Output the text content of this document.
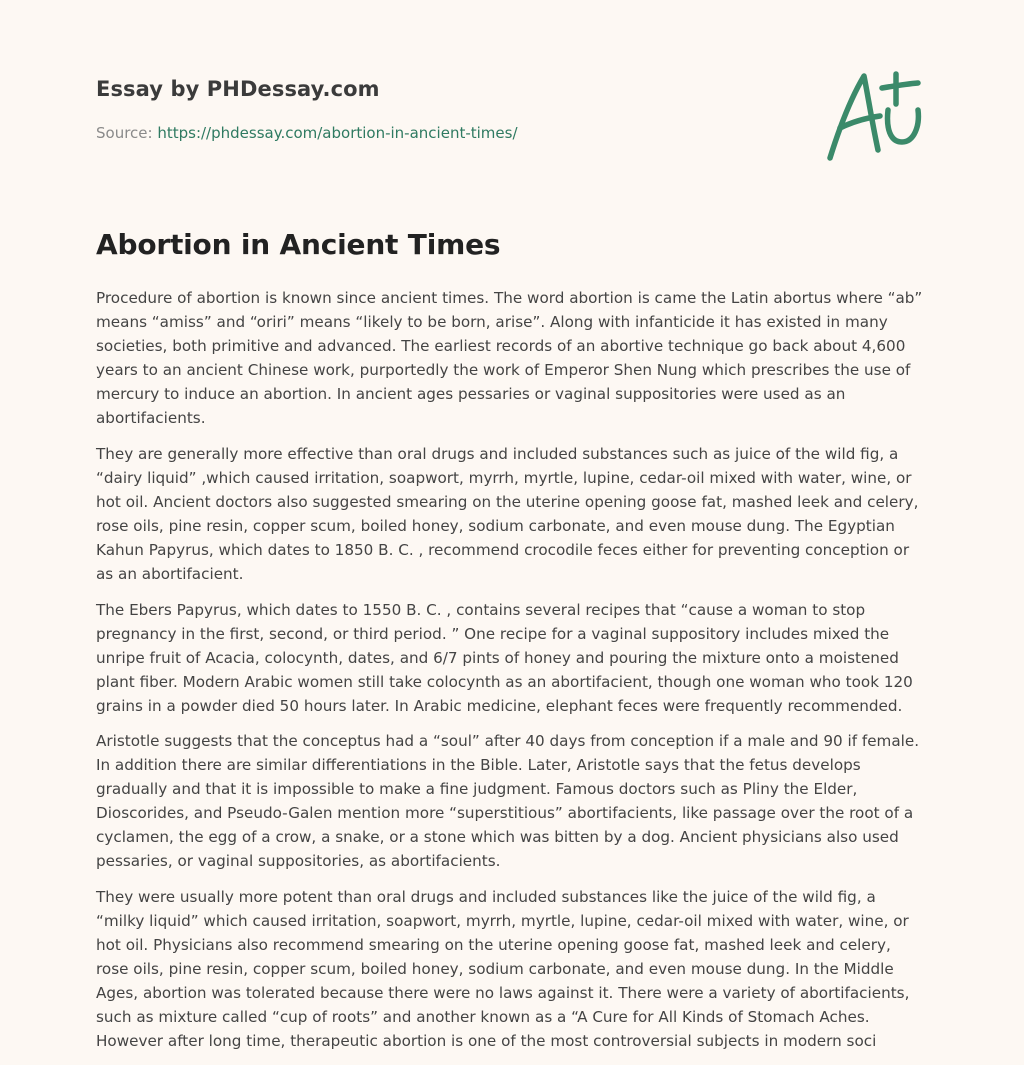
Essay by PHDessay.com

Source: https://phdessay.com/abortion-in-ancient-times/

Abortion in Ancient Times

Procedure of abortion is known since ancient times. The word abortion is came the Latin abortus where “ab” means “amiss” and “oriri” means “likely to be born, arise”. Along with infanticide it has existed in many societies, both primitive and advanced. The earliest records of an abortive technique go back about 4,600 years to an ancient Chinese work, purportedly the work of Emperor Shen Nung which prescribes the use of mercury to induce an abortion. In ancient ages pessaries or vaginal suppositories were used as an abortifacients.

They are generally more effective than oral drugs and included substances such as juice of the wild fig, a “dairy liquid” ,which caused irritation, soapwort, myrrh, myrtle, lupine, cedar-oil mixed with water, wine, or hot oil. Ancient doctors also suggested smearing on the uterine opening goose fat, mashed leek and celery, rose oils, pine resin, copper scum, boiled honey, sodium carbonate, and even mouse dung. The Egyptian Kahun Papyrus, which dates to 1850 B. C. , recommend crocodile feces either for preventing conception or as an abortifacient.

The Ebers Papyrus, which dates to 1550 B. C. , contains several recipes that “cause a woman to stop pregnancy in the first, second, or third period. ” One recipe for a vaginal suppository includes mixed the unripe fruit of Acacia, colocynth, dates, and 6/7 pints of honey and pouring the mixture onto a moistened plant fiber. Modern Arabic women still take colocynth as an abortifacient, though one woman who took 120 grains in a powder died 50 hours later. In Arabic medicine, elephant feces were frequently recommended.

Aristotle suggests that the conceptus had a “soul” after 40 days from conception if a male and 90 if female. In addition there are similar differentiations in the Bible. Later, Aristotle says that the fetus develops gradually and that it is impossible to make a fine judgment. Famous doctors such as Pliny the Elder, Dioscorides, and Pseudo-Galen mention more “superstitious” abortifacients, like passage over the root of a cyclamen, the egg of a crow, a snake, or a stone which was bitten by a dog. Ancient physicians also used pessaries, or vaginal suppositories, as abortifacients.

They were usually more potent than oral drugs and included substances like the juice of the wild fig, a “milky liquid” which caused irritation, soapwort, myrrh, myrtle, lupine, cedar-oil mixed with water, wine, or hot oil. Physicians also recommend smearing on the uterine opening goose fat, mashed leek and celery, rose oils, pine resin, copper scum, boiled honey, sodium carbonate, and even mouse dung. In the Middle Ages, abortion was tolerated because there were no laws against it. There were a variety of abortifacients, such as mixture called “cup of roots” and another known as a “A Cure for All Kinds of Stomach Aches. However after long time, therapeutic abortion is one of the most controversial subjects in modern soci
